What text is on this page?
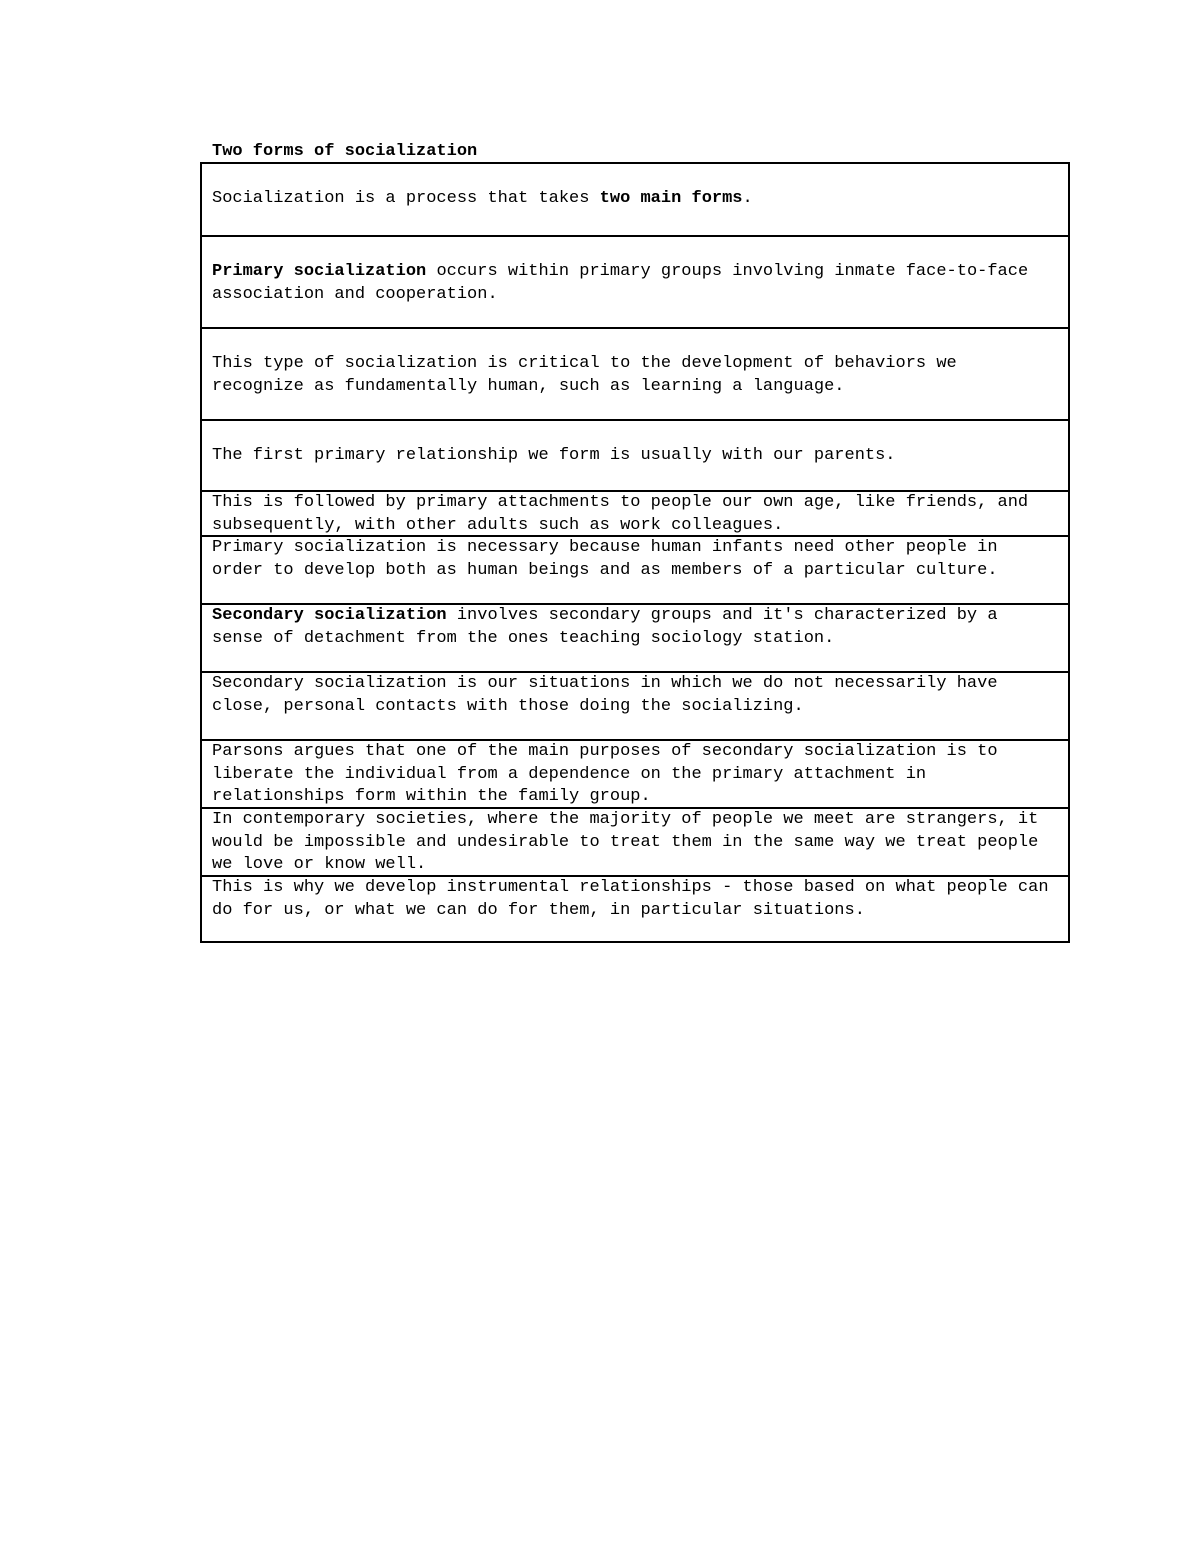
Two forms of socialization
Socialization is a process that takes two main forms.
Primary socialization occurs within primary groups involving inmate face-to-face association and cooperation.
This type of socialization is critical to the development of behaviors we recognize as fundamentally human, such as learning a language.
The first primary relationship we form is usually with our parents.
This is followed by primary attachments to people our own age, like friends, and subsequently, with other adults such as work colleagues.
Primary socialization is necessary because human infants need other people in order to develop both as human beings and as members of a particular culture.
Secondary socialization involves secondary groups and it's characterized by a sense of detachment from the ones teaching sociology station.
Secondary socialization is our situations in which we do not necessarily have close, personal contacts with those doing the socializing.
Parsons argues that one of the main purposes of secondary socialization is to liberate the individual from a dependence on the primary attachment in relationships form within the family group.
In contemporary societies, where the majority of people we meet are strangers, it would be impossible and undesirable to treat them in the same way we treat people we love or know well.
This is why we develop instrumental relationships - those based on what people can do for us, or what we can do for them, in particular situations.
